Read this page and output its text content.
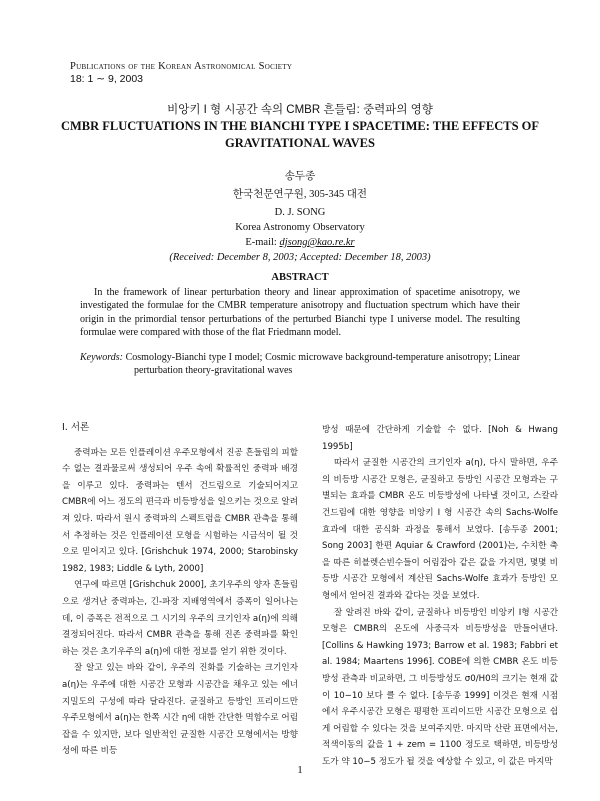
Publications of the Korean Astronomical Society
18: 1 ∼ 9, 2003
비앙키 I 형 시공간 속의 CMBR 흔들림: 중력파의 영향
CMBR FLUCTUATIONS IN THE BIANCHI TYPE I SPACETIME: THE EFFECTS OF GRAVITATIONAL WAVES
송두종
한국천문연구원, 305-345 대전
D. J. SONG
Korea Astronomy Observatory
E-mail: djsong@kao.re.kr
(Received: December 8, 2003; Accepted: December 18, 2003)
ABSTRACT
In the framework of linear perturbation theory and linear approximation of spacetime anisotropy, we investigated the formulae for the CMBR temperature anisotropy and fluctuation spectrum which have their origin in the primordial tensor perturbations of the perturbed Bianchi type I universe model. The resulting formulae were compared with those of the flat Friedmann model.
Keywords: Cosmology-Bianchi type I model; Cosmic microwave background-temperature anisotropy; Linear perturbation theory-gravitational waves
I. 서론

중력파는 모든 인플레이션 우주모형에서 진공 흔들림의 피할 수 없는 결과물로써 생성되어 우주 속에 확률적인 중력파 배경을 이루고 있다. 중력파는 텐서 건드림으로 기술되어지고 CMBR에 어느 정도의 편극과 비등방성을 일으키는 것으로 알려져 있다. 따라서 원시 중력파의 스펙트럼을 CMBR 관측을 통해서 추정하는 것은 인플레이션 모형을 시험하는 시금석이 될 것으로 믿어지고 있다. [Grishchuk 1974, 2000; Starobinsky 1982, 1983; Liddle & Lyth, 2000]

연구에 따르면 [Grishchuk 2000], 초기우주의 양자 흔들림으로 생겨난 중력파는, 긴-파장 지배영역에서 증폭이 일어나는 데, 이 증폭은 전적으로 그 시기의 우주의 크기인자 a(η)에 의해 결정되어진다. 따라서 CMBR 관측을 통해 진존 중력파를 확인하는 것은 초기우주의 a(η)에 대한 정보를 얻기 위한 것이다.

잘 알고 있는 바와 같이, 우주의 진화를 기술하는 크기인자 a(η)는 우주에 대한 시공간 모형과 시공간을 채우고 있는 에너지밀도의 구성에 따라 달라진다. 균질하고 등방인 프리이드만 우주모형에서 a(η)는 한쪽 시간 η에 대한 간단한 멱함수로 어림잡을 수 있지만, 보다 일반적인 균질한 시공간 모형에서는 방향성에 따른 비등

방성 때문에 간단하게 기술할 수 없다. [Noh & Hwang 1995b]

따라서 균질한 시공간의 크기인자 a(η), 다시 말하면, 우주의 비등방 시공간 모형은, 균질하고 등방인 시공간 모형과는 구별되는 효과를 CMBR 온도 비등방성에 나타낼 것이고, 스칼라 건드림에 대한 영향을 비앙키 I 형 시공간 속의 Sachs-Wolfe 효과에 대한 공식화 과정을 통해서 보였다. [송두종 2001; Song 2003] 한편 Aquiar & Crawford (2001)는, 수치한 축을 따른 히블렛슨빈수들이 어림잡아 같은 값을 가지면, 몇몇 비등방 시공간 모형에서 계산된 Sachs-Wolfe 효과가 등방인 모형에서 얻어진 결과와 같다는 것을 보였다.

잘 알려진 바와 같이, 균질하나 비등방인 비앙키 I형 시공간 모형은 CMBR의 온도에 사중극자 비등방성을 만들어낸다. [Collins & Hawking 1973; Barrow et al. 1983; Fabbri et al. 1984; Maartens 1996]. COBE에 의한 CMBR 온도 비등방성 관측과 비교하면, 그 비등방성도 σ0/H0의 크기는 현재 값이 10−10 보다 클 수 없다. [송두종 1999] 이것은 현재 시점에서 우주시공간 모형은 평평한 프리이드만 시공간 모형으로 쉽게 어림할 수 있다는 것을 보여주지만. 마지막 산란 표면에서는, 적색이동의 값을 1 + zem = 1100 정도로 택하면, 비등방성도가 약 10−5 정도가 될 것을 예상할 수 있고, 이 값은 마지막

1
